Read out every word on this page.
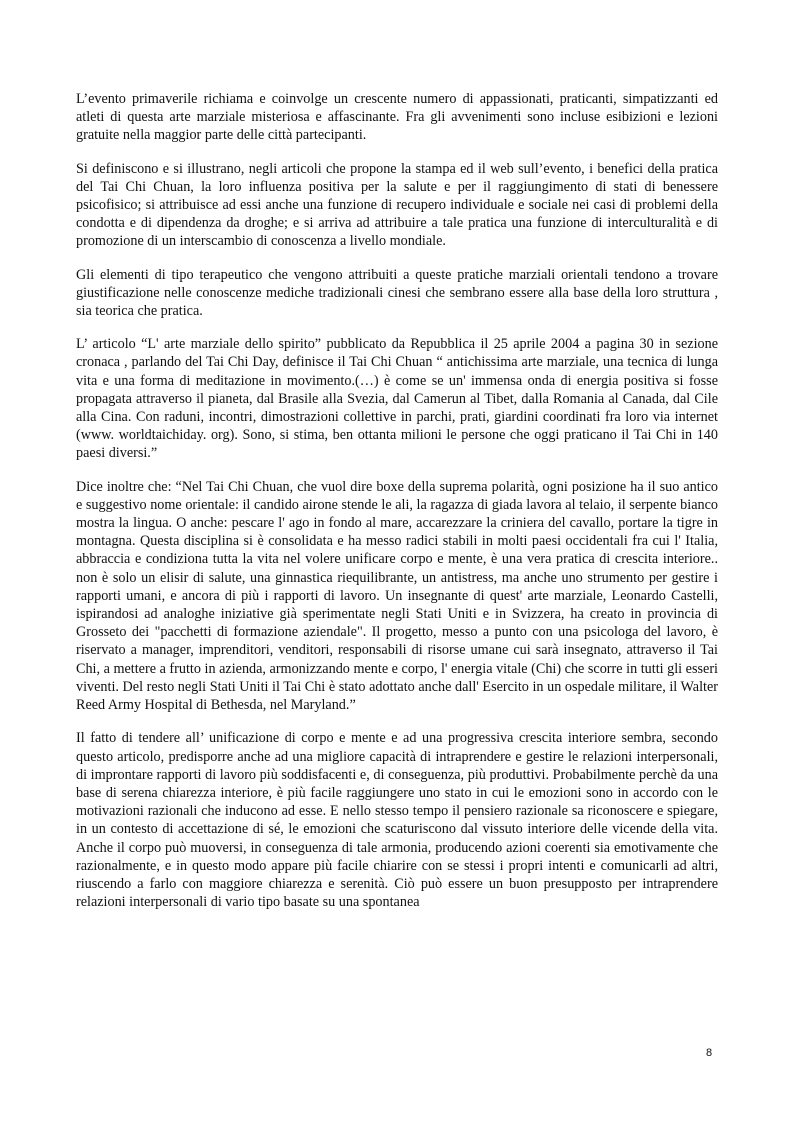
L’evento primaverile richiama e coinvolge un crescente numero di appassionati, praticanti, simpatizzanti ed atleti di questa arte marziale misteriosa e affascinante. Fra gli avvenimenti sono incluse esibizioni e lezioni gratuite nella maggior parte delle città partecipanti.

Si definiscono e si illustrano, negli articoli che propone la stampa ed il web sull’evento, i benefici della pratica del Tai Chi Chuan, la loro influenza positiva per la salute e per il raggiungimento di stati di benessere psicofisico; si attribuisce ad essi anche una funzione di recupero individuale e sociale nei casi di problemi della condotta e di dipendenza da droghe; e si arriva ad attribuire a tale pratica una funzione di interculturalità e di promozione di un interscambio di conoscenza a livello mondiale.

Gli elementi di tipo terapeutico che vengono attribuiti a queste pratiche marziali orientali tendono a trovare giustificazione nelle conoscenze mediche tradizionali cinesi che sembrano essere alla base della loro struttura , sia teorica che pratica.

L’ articolo “L' arte marziale dello spirito” pubblicato da Repubblica il 25 aprile 2004 a pagina 30 in sezione cronaca , parlando del Tai Chi Day, definisce il Tai Chi Chuan “ antichissima arte marziale, una tecnica di lunga vita e una forma di meditazione in movimento.(…) è come se un' immensa onda di energia positiva si fosse propagata attraverso il pianeta, dal Brasile alla Svezia, dal Camerun al Tibet, dalla Romania al Canada, dal Cile alla Cina. Con raduni, incontri, dimostrazioni collettive in parchi, prati, giardini coordinati fra loro via internet (www. worldtaichiday. org). Sono, si stima, ben ottanta milioni le persone che oggi praticano il Tai Chi in 140 paesi diversi.”

Dice inoltre che: “Nel Tai Chi Chuan, che vuol dire boxe della suprema polarità, ogni posizione ha il suo antico e suggestivo nome orientale: il candido airone stende le ali, la ragazza di giada lavora al telaio, il serpente bianco mostra la lingua. O anche: pescare l' ago in fondo al mare, accarezzare la criniera del cavallo, portare la tigre in montagna. Questa disciplina si è consolidata e ha messo radici stabili in molti paesi occidentali fra cui l' Italia, abbraccia e condiziona tutta la vita nel volere unificare corpo e mente, è una vera pratica di crescita interiore.. non è solo un elisir di salute, una ginnastica riequilibrante, un antistress, ma anche uno strumento per gestire i rapporti umani, e ancora di più i rapporti di lavoro. Un insegnante di quest' arte marziale, Leonardo Castelli, ispirandosi ad analoghe iniziative già sperimentate negli Stati Uniti e in Svizzera, ha creato in provincia di Grosseto dei "pacchetti di formazione aziendale". Il progetto, messo a punto con una psicologa del lavoro, è riservato a manager, imprenditori, venditori, responsabili di risorse umane cui sarà insegnato, attraverso il Tai Chi, a mettere a frutto in azienda, armonizzando mente e corpo, l' energia vitale (Chi) che scorre in tutti gli esseri viventi. Del resto negli Stati Uniti il Tai Chi è stato adottato anche dall' Esercito in un ospedale militare, il Walter Reed Army Hospital di Bethesda, nel Maryland.”

Il fatto di tendere all’ unificazione di corpo e mente e ad una progressiva crescita interiore sembra, secondo questo articolo, predisporre anche ad una migliore capacità di intraprendere e gestire le relazioni interpersonali, di improntare rapporti di lavoro più soddisfacenti e, di conseguenza, più produttivi. Probabilmente perchè da una base di serena chiarezza interiore, è più facile raggiungere uno stato in cui le emozioni sono in accordo con le motivazioni razionali che inducono ad esse. E nello stesso tempo il pensiero razionale sa riconoscere e spiegare, in un contesto di accettazione di sé, le emozioni che scaturiscono dal vissuto interiore delle vicende della vita. Anche il corpo può muoversi, in conseguenza di tale armonia, producendo azioni coerenti sia emotivamente che razionalmente, e in questo modo appare più facile chiarire con se stessi i propri intenti e comunicarli ad altri, riuscendo a farlo con maggiore chiarezza e serenità. Ciò può essere un buon presupposto per intraprendere relazioni interpersonali di vario tipo basate su una spontanea

8
